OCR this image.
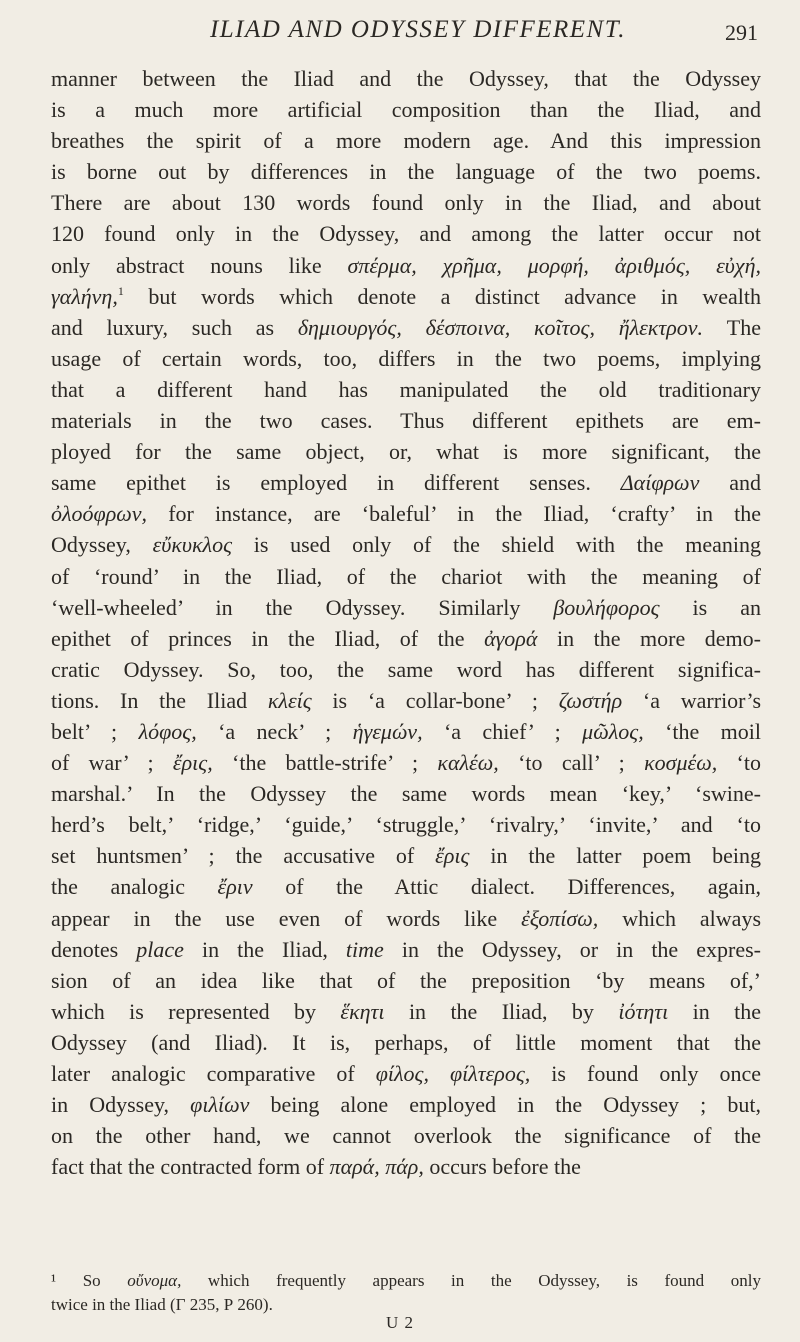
ILIAD AND ODYSSEY DIFFERENT.	291
manner between the Iliad and the Odyssey, that the Odyssey
is a much more artificial composition than the Iliad, and
breathes the spirit of a more modern age. And this impression
is borne out by differences in the language of the two poems.
There are about 130 words found only in the Iliad, and about
120 found only in the Odyssey, and among the latter occur not
only abstract nouns like σπέρμα, χρῆμα, μορφή, ἀριθμός, εὐχή,
γαλήνη,$^1$ but words which denote a distinct advance in wealth
and luxury, such as δημιουργός, δέσποινα, κοῖτος, ἤλεκτρον. The
usage of certain words, too, differs in the two poems, implying
that a different hand has manipulated the old traditionary
materials in the two cases. Thus different epithets are em-
ployed for the same object, or, what is more significant, the
same epithet is employed in different senses. Δαίφρων and
ὀλοόφρων, for instance, are ‘baleful’ in the Iliad, ‘crafty’ in the
Odyssey, εὔκυκλος is used only of the shield with the meaning
of ‘round’ in the Iliad, of the chariot with the meaning of
‘well-wheeled’ in the Odyssey. Similarly βουλήφορος is an
epithet of princes in the Iliad, of the ἀγορά in the more demo-
cratic Odyssey. So, too, the same word has different significa-
tions. In the Iliad κλείς is ‘a collar-bone’ ; ζωστήρ ‘a warrior’s
belt’ ; λόφος, ‘a neck’ ; ἡγεμών, ‘a chief’ ; μῶλος, ‘the moil
of war’ ; ἔρις, ‘the battle-strife’ ; καλέω, ‘to call’ ; κοσμέω, ‘to
marshal.’ In the Odyssey the same words mean ‘key,’ ‘swine-
herd’s belt,’ ‘ridge,’ ‘guide,’ ‘struggle,’ ‘rivalry,’ ‘invite,’ and ‘to
set huntsmen’ ; the accusative of ἔρις in the latter poem being
the analogic ἔριν of the Attic dialect. Differences, again,
appear in the use even of words like ἐξοπίσω, which always
denotes place in the Iliad, time in the Odyssey, or in the expres-
sion of an idea like that of the preposition ‘by means of,’
which is represented by ἕκητι in the Iliad, by ἰότητι in the
Odyssey (and Iliad). It is, perhaps, of little moment that the
later analogic comparative of φίλος, φίλτερος, is found only once
in Odyssey, φιλίων being alone employed in the Odyssey ; but,
on the other hand, we cannot overlook the significance of the
fact that the contracted form of παρά, πάρ, occurs before the
¹ So οὔνομα, which frequently appears in the Odyssey, is found only
twice in the Iliad (Γ 235, Ρ 260).
U 2
